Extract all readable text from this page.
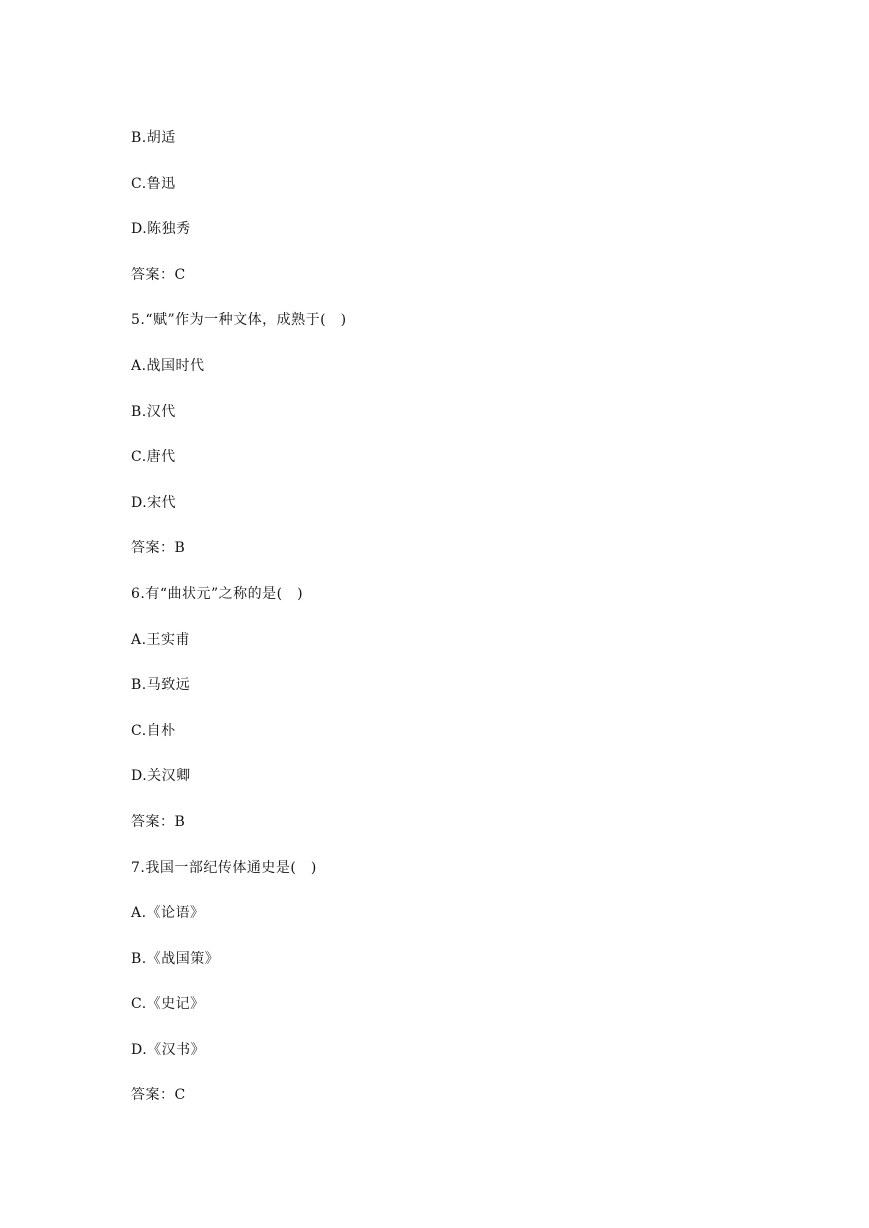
B.胡适
C.鲁迅
D.陈独秀
答案：C
5.“赋”作为一种文体，成熟于(　)
A.战国时代
B.汉代
C.唐代
D.宋代
答案：B
6.有“曲状元”之称的是(　)
A.王实甫
B.马致远
C.自朴
D.关汉卿
答案：B
7.我国一部纪传体通史是(　)
A.《论语》
B.《战国策》
C.《史记》
D.《汉书》
答案：C
